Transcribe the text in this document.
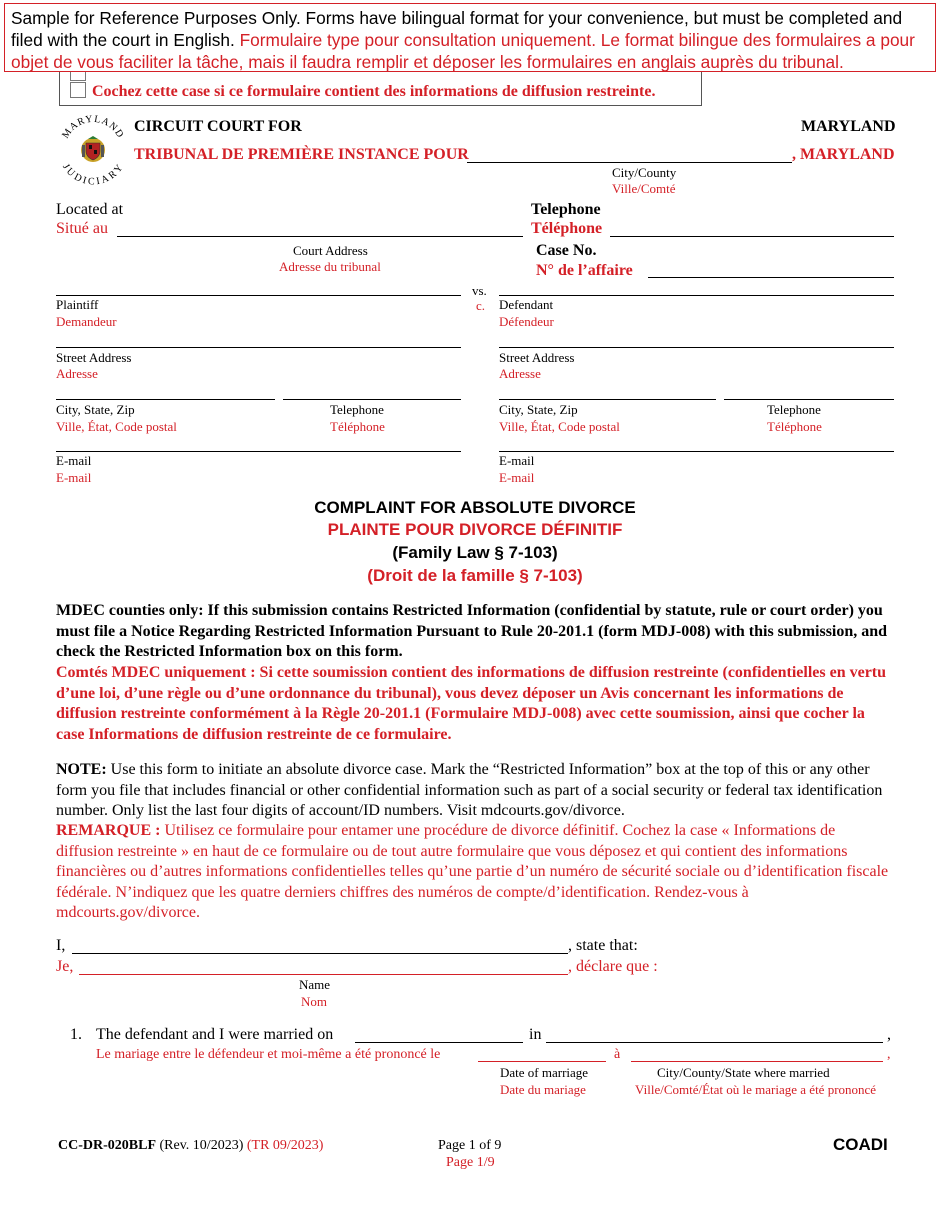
Sample for Reference Purposes Only. Forms have bilingual format for your convenience, but must be completed and filed with the court in English. Formulaire type pour consultation uniquement. Le format bilingue des formulaires a pour objet de vous faciliter la tâche, mais il faudra remplir et déposer les formulaires en anglais auprès du tribunal.
Cochez cette case si ce formulaire contient des informations de diffusion restreinte.
MARYLAND
JUDICIARY
CIRCUIT COURT FOR	MARYLAND
TRIBUNAL DE PREMIÈRE INSTANCE POUR	, MARYLAND
City/County
Ville/Comté
Located at
Situé au
Court Address
Adresse du tribunal
Telephone
Téléphone
Case No.
N° de l’affaire
vs.
c.
Plaintiff
Demandeur
Street Address
Adresse
City, State, Zip
Ville, État, Code postal
Telephone
Téléphone
E-mail
E-mail
Defendant
Défendeur
Street Address
Adresse
City, State, Zip
Ville, État, Code postal
Telephone
Téléphone
E-mail
E-mail
COMPLAINT FOR ABSOLUTE DIVORCE
PLAINTE POUR DIVORCE DÉFINITIF
(Family Law § 7-103)
(Droit de la famille § 7-103)
MDEC counties only: If this submission contains Restricted Information (confidential by statute, rule or court order) you must file a Notice Regarding Restricted Information Pursuant to Rule 20-201.1 (form MDJ-008) with this submission, and check the Restricted Information box on this form.
Comtés MDEC uniquement : Si cette soumission contient des informations de diffusion restreinte (confidentielles en vertu d’une loi, d’une règle ou d’une ordonnance du tribunal), vous devez déposer un Avis concernant les informations de diffusion restreinte conformément à la Règle 20-201.1 (Formulaire MDJ-008) avec cette soumission, ainsi que cocher la case Informations de diffusion restreinte de ce formulaire.
NOTE: Use this form to initiate an absolute divorce case. Mark the “Restricted Information” box at the top of this or any other form you file that includes financial or other confidential information such as part of a social security or federal tax identification number. Only list the last four digits of account/ID numbers. Visit mdcourts.gov/divorce.
REMARQUE : Utilisez ce formulaire pour entamer une procédure de divorce définitif. Cochez la case « Informations de diffusion restreinte » en haut de ce formulaire ou de tout autre formulaire que vous déposez et qui contient des informations financières ou d’autres informations confidentielles telles qu’une partie d’un numéro de sécurité sociale ou d’identification fiscale fédérale. N’indiquez que les quatre derniers chiffres des numéros de compte/d’identification. Rendez-vous à mdcourts.gov/divorce.
I,	, state that:
Je,	, déclare que :
Name
Nom
1. The defendant and I were married on	in	,
Le mariage entre le défendeur et moi-même a été prononcé le	à	,
Date of marriage
Date du mariage
City/County/State where married
Ville/Comté/État où le mariage a été prononcé
CC-DR-020BLF (Rev. 10/2023) (TR 09/2023)	Page 1 of 9
Page 1/9
COADI
